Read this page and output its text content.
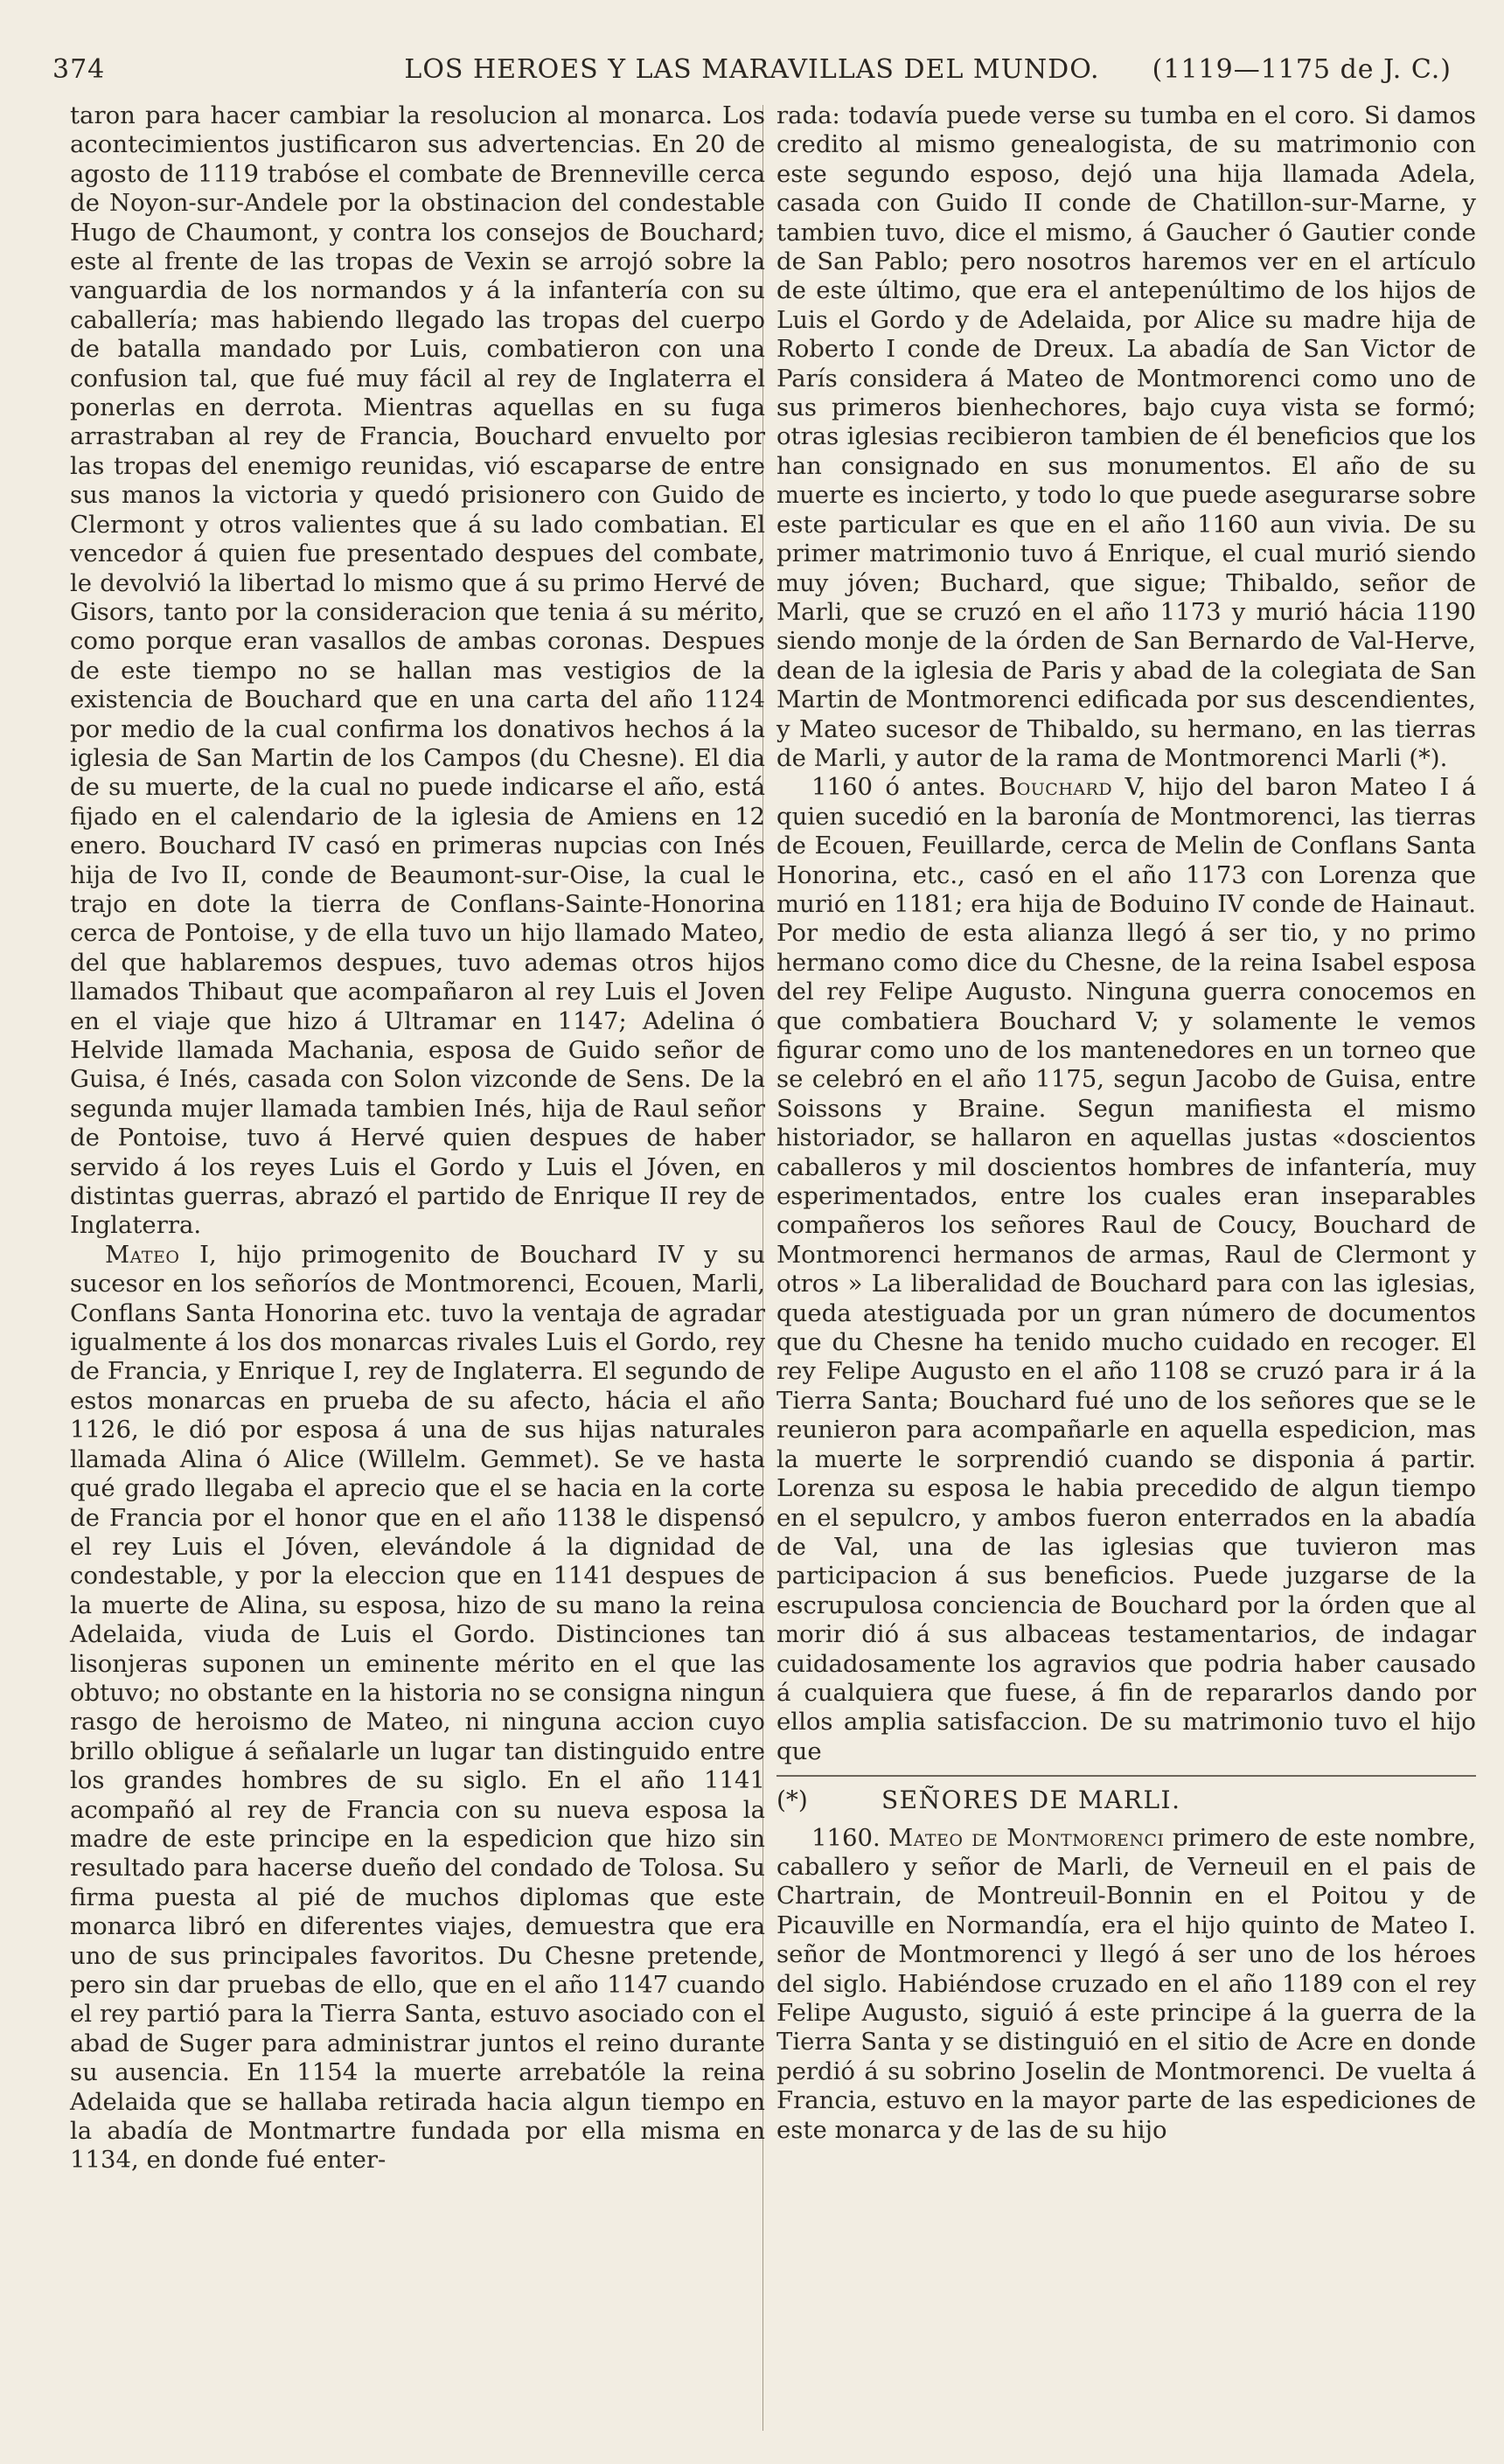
374	LOS HEROES Y LAS MARAVILLAS DEL MUNDO.	(1119—1175 de J. C.)

taron para hacer cambiar la resolucion al monarca. Los acontecimientos justificaron sus advertencias. En 20 de agosto de 1119 trabóse el combate de Brenneville cerca de Noyon-sur-Andele por la obstinacion del condestable Hugo de Chaumont, y contra los consejos de Bouchard; este al frente de las tropas de Vexin se arrojó sobre la vanguardia de los normandos y á la infantería con su caballería; mas habiendo llegado las tropas del cuerpo de batalla mandado por Luis, combatieron con una confusion tal, que fué muy fácil al rey de Inglaterra el ponerlas en derrota. Mientras aquellas en su fuga arrastraban al rey de Francia, Bouchard envuelto por las tropas del enemigo reunidas, vió escaparse de entre sus manos la victoria y quedó prisionero con Guido de Clermont y otros valientes que á su lado combatian. El vencedor á quien fue presentado despues del combate, le devolvió la libertad lo mismo que á su primo Hervé de Gisors, tanto por la consideracion que tenia á su mérito, como porque eran vasallos de ambas coronas. Despues de este tiempo no se hallan mas vestigios de la existencia de Bouchard que en una carta del año 1124 por medio de la cual confirma los donativos hechos á la iglesia de San Martin de los Campos (du Chesne). El dia de su muerte, de la cual no puede indicarse el año, está fijado en el calendario de la iglesia de Amiens en 12 enero. Bouchard IV casó en primeras nupcias con Inés hija de Ivo II, conde de Beaumont-sur-Oise, la cual le trajo en dote la tierra de Conflans-Sainte-Honorina cerca de Pontoise, y de ella tuvo un hijo llamado Mateo, del que hablaremos despues, tuvo ademas otros hijos llamados Thibaut que acompañaron al rey Luis el Joven en el viaje que hizo á Ultramar en 1147; Adelina ó Helvide llamada Machania, esposa de Guido señor de Guisa, é Inés, casada con Solon vizconde de Sens. De la segunda mujer llamada tambien Inés, hija de Raul señor de Pontoise, tuvo á Hervé quien despues de haber servido á los reyes Luis el Gordo y Luis el Jóven, en distintas guerras, abrazó el partido de Enrique II rey de Inglaterra.

Mateo I, hijo primogenito de Bouchard IV y su sucesor en los señoríos de Montmorenci, Ecouen, Marli, Conflans Santa Honorina etc. tuvo la ventaja de agradar igualmente á los dos monarcas rivales Luis el Gordo, rey de Francia, y Enrique I, rey de Inglaterra. El segundo de estos monarcas en prueba de su afecto, hácia el año 1126, le dió por esposa á una de sus hijas naturales llamada Alina ó Alice (Willelm. Gemmet). Se ve hasta qué grado llegaba el aprecio que el se hacia en la corte de Francia por el honor que en el año 1138 le dispensó el rey Luis el Jóven, elevándole á la dignidad de condestable, y por la eleccion que en 1141 despues de la muerte de Alina, su esposa, hizo de su mano la reina Adelaida, viuda de Luis el Gordo. Distinciones tan lisonjeras suponen un eminente mérito en el que las obtuvo; no obstante en la historia no se consigna ningun rasgo de heroismo de Mateo, ni ninguna accion cuyo brillo obligue á señalarle un lugar tan distinguido entre los grandes hombres de su siglo. En el año 1141 acompañó al rey de Francia con su nueva esposa la madre de este principe en la espedicion que hizo sin resultado para hacerse dueño del condado de Tolosa. Su firma puesta al pié de muchos diplomas que este monarca libró en diferentes viajes, demuestra que era uno de sus principales favoritos. Du Chesne pretende, pero sin dar pruebas de ello, que en el año 1147 cuando el rey partió para la Tierra Santa, estuvo asociado con el abad de Suger para administrar juntos el reino durante su ausencia. En 1154 la muerte arrebatóle la reina Adelaida que se hallaba retirada hacia algun tiempo en la abadía de Montmartre fundada por ella misma en 1134, en donde fué enter-

rada: todavía puede verse su tumba en el coro. Si damos credito al mismo genealogista, de su matrimonio con este segundo esposo, dejó una hija llamada Adela, casada con Guido II conde de Chatillon-sur-Marne, y tambien tuvo, dice el mismo, á Gaucher ó Gautier conde de San Pablo; pero nosotros haremos ver en el artículo de este último, que era el antepenúltimo de los hijos de Luis el Gordo y de Adelaida, por Alice su madre hija de Roberto I conde de Dreux. La abadía de San Victor de París considera á Mateo de Montmorenci como uno de sus primeros bienhechores, bajo cuya vista se formó; otras iglesias recibieron tambien de él beneficios que los han consignado en sus monumentos. El año de su muerte es incierto, y todo lo que puede asegurarse sobre este particular es que en el año 1160 aun vivia. De su primer matrimonio tuvo á Enrique, el cual murió siendo muy jóven; Buchard, que sigue; Thibaldo, señor de Marli, que se cruzó en el año 1173 y murió hácia 1190 siendo monje de la órden de San Bernardo de Val-Herve, dean de la iglesia de Paris y abad de la colegiata de San Martin de Montmorenci edificada por sus descendientes, y Mateo sucesor de Thibaldo, su hermano, en las tierras de Marli, y autor de la rama de Montmorenci Marli (*).

1160 ó antes. Bouchard V, hijo del baron Mateo I á quien sucedió en la baronía de Montmorenci, las tierras de Ecouen, Feuillarde, cerca de Melin de Conflans Santa Honorina, etc., casó en el año 1173 con Lorenza que murió en 1181; era hija de Boduino IV conde de Hainaut. Por medio de esta alianza llegó á ser tio, y no primo hermano como dice du Chesne, de la reina Isabel esposa del rey Felipe Augusto. Ninguna guerra conocemos en que combatiera Bouchard V; y solamente le vemos figurar como uno de los mantenedores en un torneo que se celebró en el año 1175, segun Jacobo de Guisa, entre Soissons y Braine. Segun manifiesta el mismo historiador, se hallaron en aquellas justas «doscientos caballeros y mil doscientos hombres de infantería, muy esperimentados, entre los cuales eran inseparables compañeros los señores Raul de Coucy, Bouchard de Montmorenci hermanos de armas, Raul de Clermont y otros » La liberalidad de Bouchard para con las iglesias, queda atestiguada por un gran número de documentos que du Chesne ha tenido mucho cuidado en recoger. El rey Felipe Augusto en el año 1108 se cruzó para ir á la Tierra Santa; Bouchard fué uno de los señores que se le reunieron para acompañarle en aquella espedicion, mas la muerte le sorprendió cuando se disponia á partir. Lorenza su esposa le habia precedido de algun tiempo en el sepulcro, y ambos fueron enterrados en la abadía de Val, una de las iglesias que tuvieron mas participacion á sus beneficios. Puede juzgarse de la escrupulosa conciencia de Bouchard por la órden que al morir dió á sus albaceas testamentarios, de indagar cuidadosamente los agravios que podria haber causado á cualquiera que fuese, á fin de repararlos dando por ellos amplia satisfaccion. De su matrimonio tuvo el hijo que

(*)	SEÑORES DE MARLI.

1160. Mateo de Montmorenci primero de este nombre, caballero y señor de Marli, de Verneuil en el pais de Chartrain, de Montreuil-Bonnin en el Poitou y de Picauville en Normandía, era el hijo quinto de Mateo I. señor de Montmorenci y llegó á ser uno de los héroes del siglo. Habiéndose cruzado en el año 1189 con el rey Felipe Augusto, siguió á este principe á la guerra de la Tierra Santa y se distinguió en el sitio de Acre en donde perdió á su sobrino Joselin de Montmorenci. De vuelta á Francia, estuvo en la mayor parte de las espediciones de este monarca y de las de su hijo
